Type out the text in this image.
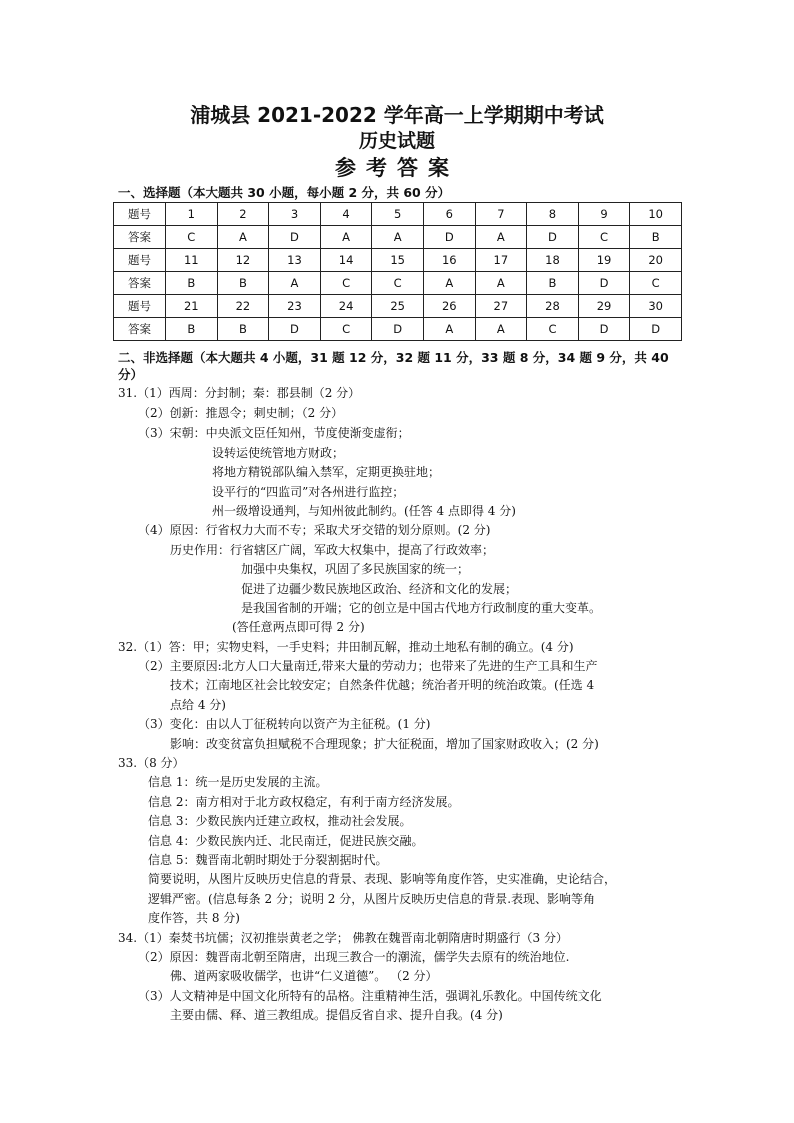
浦城县 2021-2022 学年高一上学期期中考试
历史试题
参考答案
一、选择题（本大题共 30 小题，每小题 2 分，共 60 分）
题号	1	2	3	4	5	6	7	8	9	10
答案	C	A	D	A	A	D	A	D	C	B
题号	11	12	13	14	15	16	17	18	19	20
答案	B	B	A	C	C	A	A	B	D	C
题号	21	22	23	24	25	26	27	28	29	30
答案	B	B	D	C	D	A	A	C	D	D
二、非选择题（本大题共 4 小题，31 题 12 分，32 题 11 分，33 题 8 分，34 题 9 分，共 40 分）
31.（1）西周：分封制；秦：郡县制（2 分）
（2）创新：推恩令；刺史制；（2 分）
（3）宋朝：中央派文臣任知州，节度使渐变虚衔；
设转运使统管地方财政；
将地方精锐部队编入禁军，定期更换驻地；
设平行的“四监司”对各州进行监控；
州一级增设通判，与知州彼此制约。(任答 4 点即得 4 分)
（4）原因：行省权力大而不专；采取犬牙交错的划分原则。(2 分)
历史作用：行省辖区广阔，军政大权集中，提高了行政效率；
加强中央集权，巩固了多民族国家的统一；
促进了边疆少数民族地区政治、经济和文化的发展；
是我国省制的开端；它的创立是中国古代地方行政制度的重大变革。
(答任意两点即可得 2 分)
32.（1）答：甲；实物史料，一手史料；井田制瓦解，推动土地私有制的确立。(4 分)
（2）主要原因:北方人口大量南迁,带来大量的劳动力；也带来了先进的生产工具和生产
技术；江南地区社会比较安定；自然条件优越；统治者开明的统治政策。(任选 4
点给 4 分)
（3）变化：由以人丁征税转向以资产为主征税。(1 分)
影响：改变贫富负担赋税不合理现象；扩大征税面，增加了国家财政收入；(2 分)
33.（8 分）
信息 1：统一是历史发展的主流。
信息 2：南方相对于北方政权稳定，有利于南方经济发展。
信息 3：少数民族内迁建立政权，推动社会发展。
信息 4：少数民族内迁、北民南迁，促进民族交融。
信息 5：魏晋南北朝时期处于分裂割据时代。
简要说明，从图片反映历史信息的背景、表现、影响等角度作答，史实准确，史论结合，
逻辑严密。(信息每条 2 分；说明 2 分，从图片反映历史信息的背景.表现、影响等角
度作答，共 8 分)
34.（1）秦焚书坑儒；汉初推崇黄老之学； 佛教在魏晋南北朝隋唐时期盛行（3 分）
（2）原因：魏晋南北朝至隋唐，出现三教合一的潮流，儒学失去原有的统治地位.
佛、道两家吸收儒学，也讲“仁义道德”。 （2 分）
（3）人文精神是中国文化所特有的品格。注重精神生活，强调礼乐教化。中国传统文化
主要由儒、释、道三教组成。提倡反省自求、提升自我。(4 分)
